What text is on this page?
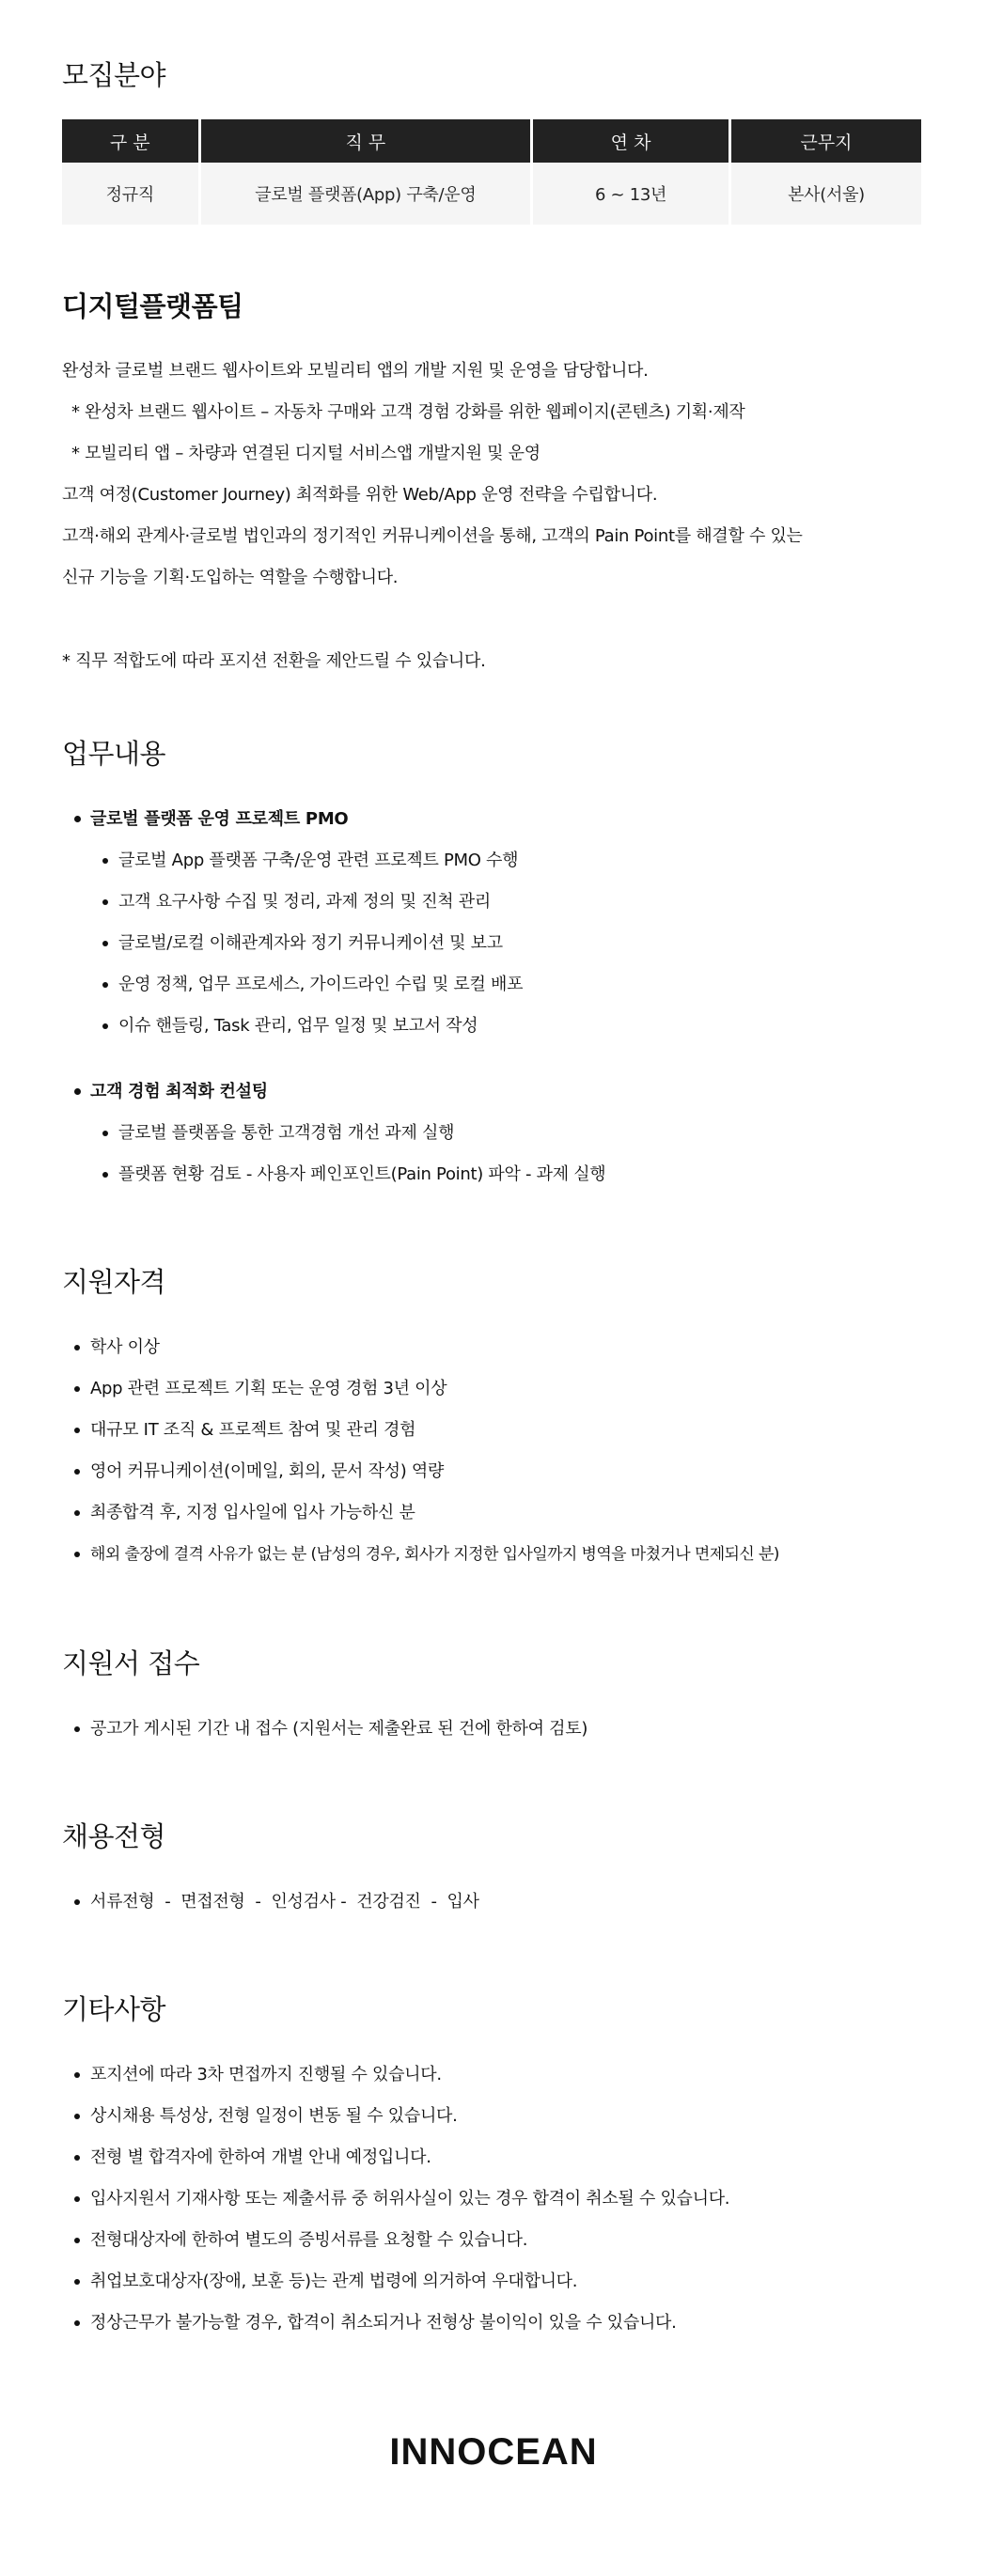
모집분야
구 분	직 무	연 차	근무지
정규직	글로벌 플랫폼(App) 구축/운영	6 ~ 13년	본사(서울)
디지털플랫폼팀

완성차 글로벌 브랜드 웹사이트와 모빌리티 앱의 개발 지원 및 운영을 담당합니다.

* 완성차 브랜드 웹사이트 – 자동차 구매와 고객 경험 강화를 위한 웹페이지(콘텐츠) 기획·제작

* 모빌리티 앱 – 차량과 연결된 디지털 서비스앱 개발지원 및 운영

고객 여정(Customer Journey) 최적화를 위한 Web/App 운영 전략을 수립합니다.

고객·해외 관계사·글로벌 법인과의 정기적인 커뮤니케이션을 통해, 고객의 Pain Point를 해결할 수 있는

신규 기능을 기획·도입하는 역할을 수행합니다.

* 직무 적합도에 따라 포지션 전환을 제안드릴 수 있습니다.

업무내용
글로벌 플랫폼 운영 프로젝트 PMO
글로벌 App 플랫폼 구축/운영 관련 프로젝트 PMO 수행
고객 요구사항 수집 및 정리, 과제 정의 및 진척 관리
글로벌/로컬 이해관계자와 정기 커뮤니케이션 및 보고
운영 정책, 업무 프로세스, 가이드라인 수립 및 로컬 배포
이슈 핸들링, Task 관리, 업무 일정 및 보고서 작성
고객 경험 최적화 컨설팅
글로벌 플랫폼을 통한 고객경험 개선 과제 실행
플랫폼 현황 검토 - 사용자 페인포인트(Pain Point) 파악 - 과제 실행
지원자격
학사 이상
App 관련 프로젝트 기획 또는 운영 경험 3년 이상
대규모 IT 조직 & 프로젝트 참여 및 관리 경험
영어 커뮤니케이션(이메일, 회의, 문서 작성) 역량
최종합격 후, 지정 입사일에 입사 가능하신 분
해외 출장에 결격 사유가 없는 분 (남성의 경우, 회사가 지정한 입사일까지 병역을 마쳤거나 면제되신 분)
지원서 접수
공고가 게시된 기간 내 접수 (지원서는 제출완료 된 건에 한하여 검토)
채용전형
서류전형  -  면접전형  -  인성검사 -  건강검진  -  입사
기타사항
포지션에 따라 3차 면접까지 진행될 수 있습니다.
상시채용 특성상, 전형 일정이 변동 될 수 있습니다.
전형 별 합격자에 한하여 개별 안내 예정입니다.
입사지원서 기재사항 또는 제출서류 중 허위사실이 있는 경우 합격이 취소될 수 있습니다.
전형대상자에 한하여 별도의 증빙서류를 요청할 수 있습니다.
취업보호대상자(장애, 보훈 등)는 관계 법령에 의거하여 우대합니다.
정상근무가 불가능할 경우, 합격이 취소되거나 전형상 불이익이 있을 수 있습니다.
INNOCEAN
